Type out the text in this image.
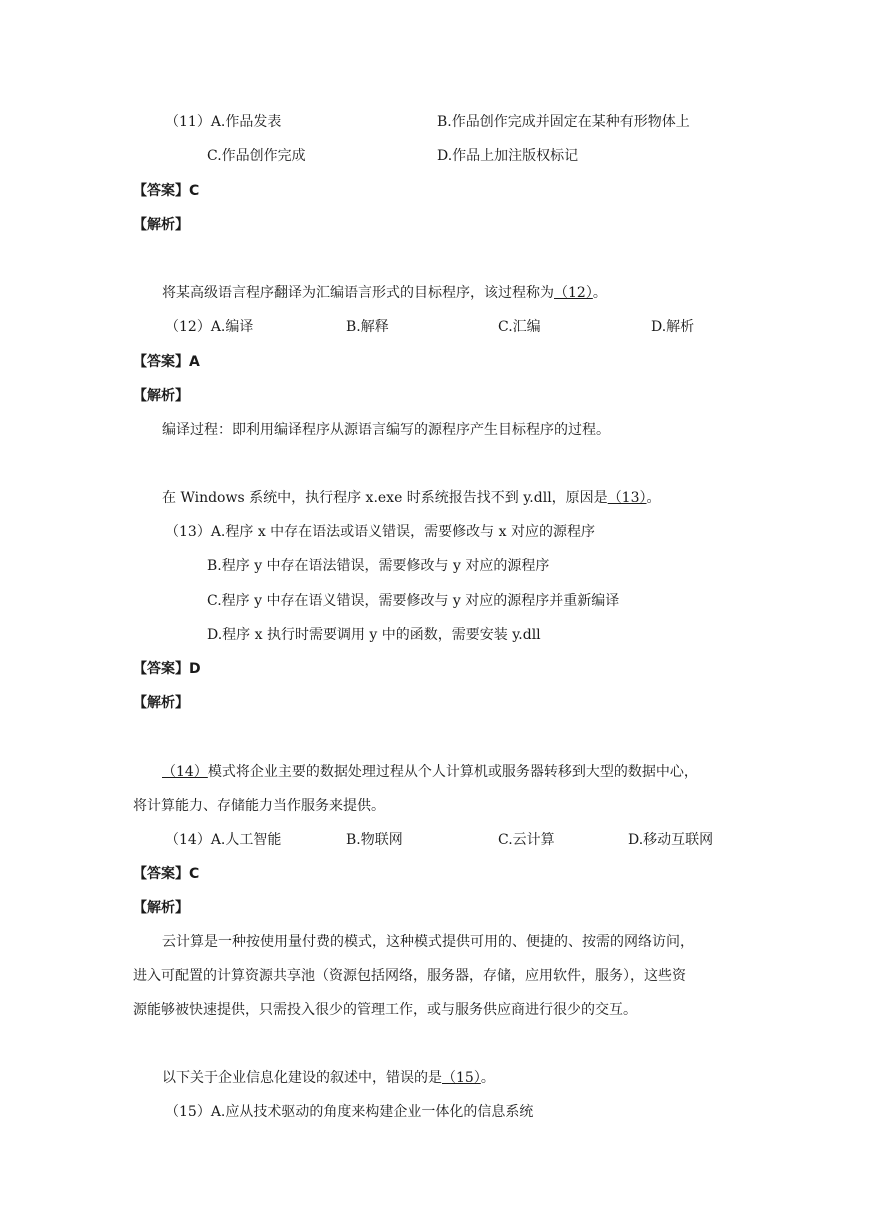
（11）A.作品发表	B.作品创作完成并固定在某种有形物体上
C.作品创作完成	D.作品上加注版权标记
【答案】C
【解析】
将某高级语言程序翻译为汇编语言形式的目标程序，该过程称为（12）。
（12）A.编译	B.解释	C.汇编	D.解析
【答案】A
【解析】
编译过程：即利用编译程序从源语言编写的源程序产生目标程序的过程。
在 Windows 系统中，执行程序 x.exe 时系统报告找不到 y.dll，原因是（13）。
（13）A.程序 x 中存在语法或语义错误，需要修改与 x 对应的源程序
B.程序 y 中存在语法错误，需要修改与 y 对应的源程序
C.程序 y 中存在语义错误，需要修改与 y 对应的源程序并重新编译
D.程序 x 执行时需要调用 y 中的函数，需要安装 y.dll
【答案】D
【解析】
（14）模式将企业主要的数据处理过程从个人计算机或服务器转移到大型的数据中心，
将计算能力、存储能力当作服务来提供。
（14）A.人工智能	B.物联网	C.云计算	D.移动互联网
【答案】C
【解析】
云计算是一种按使用量付费的模式，这种模式提供可用的、便捷的、按需的网络访问，
进入可配置的计算资源共享池（资源包括网络，服务器，存储，应用软件，服务），这些资
源能够被快速提供，只需投入很少的管理工作，或与服务供应商进行很少的交互。
以下关于企业信息化建设的叙述中，错误的是（15）。
（15）A.应从技术驱动的角度来构建企业一体化的信息系统
